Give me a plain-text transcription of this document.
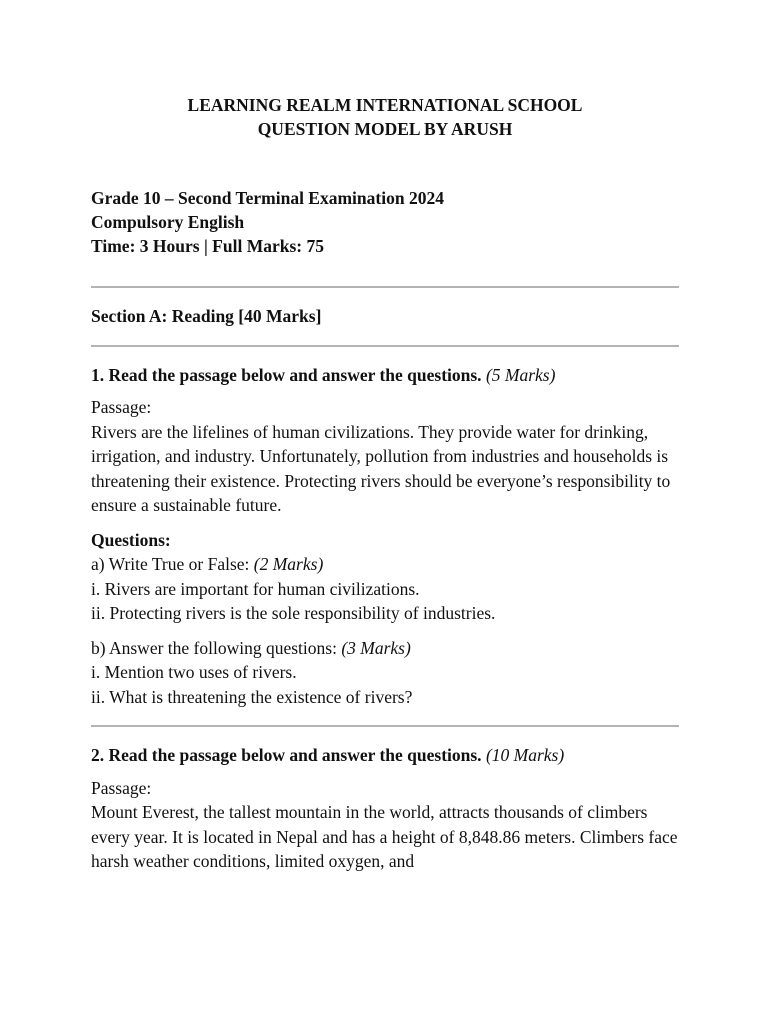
LEARNING REALM INTERNATIONAL SCHOOL
QUESTION MODEL BY ARUSH
Grade 10 – Second Terminal Examination 2024
Compulsory English
Time: 3 Hours | Full Marks: 75
Section A: Reading [40 Marks]
1. Read the passage below and answer the questions. (5 Marks)
Passage:
Rivers are the lifelines of human civilizations. They provide water for drinking, irrigation, and industry. Unfortunately, pollution from industries and households is threatening their existence. Protecting rivers should be everyone’s responsibility to ensure a sustainable future.
Questions:
a) Write True or False: (2 Marks)
i. Rivers are important for human civilizations.
ii. Protecting rivers is the sole responsibility of industries.
b) Answer the following questions: (3 Marks)
i. Mention two uses of rivers.
ii. What is threatening the existence of rivers?
2. Read the passage below and answer the questions. (10 Marks)
Passage:
Mount Everest, the tallest mountain in the world, attracts thousands of climbers every year. It is located in Nepal and has a height of 8,848.86 meters. Climbers face harsh weather conditions, limited oxygen, and
